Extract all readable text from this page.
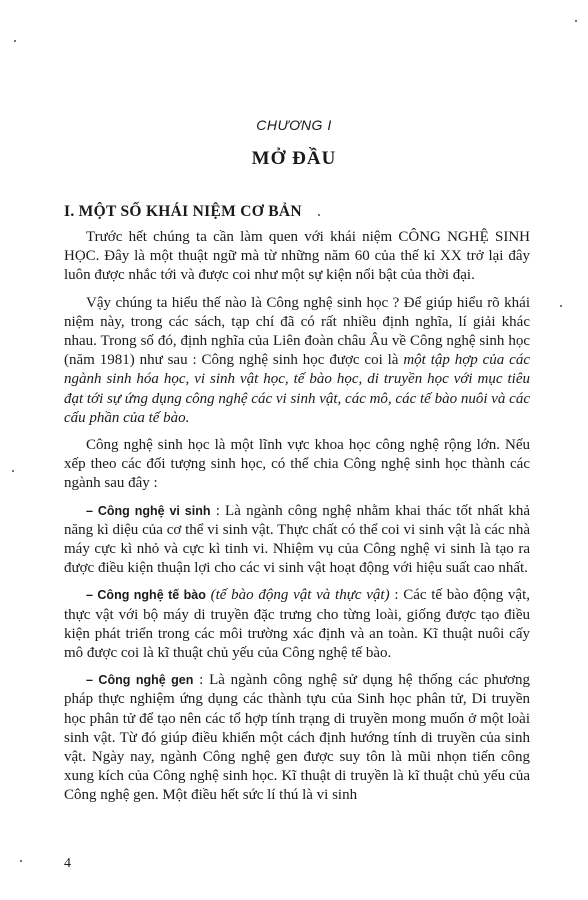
CHƯƠNG I
MỞ ĐẦU
I. MỘT SỐ KHÁI NIỆM CƠ BẢN

Trước hết chúng ta cần làm quen với khái niệm CÔNG NGHỆ SINH HỌC. Đây là một thuật ngữ mà từ những năm 60 của thế kỉ XX trở lại đây luôn được nhắc tới và được coi như một sự kiện nổi bật của thời đại.

Vậy chúng ta hiểu thế nào là Công nghệ sinh học ? Để giúp hiểu rõ khái niệm này, trong các sách, tạp chí đã có rất nhiều định nghĩa, lí giải khác nhau. Trong số đó, định nghĩa của Liên đoàn châu Âu về Công nghệ sinh học (năm 1981) như sau : Công nghệ sinh học được coi là một tập hợp của các ngành sinh hóa học, vi sinh vật học, tế bào học, di truyền học với mục tiêu đạt tới sự ứng dụng công nghệ các vi sinh vật, các mô, các tế bào nuôi và các cấu phần của tế bào.

Công nghệ sinh học là một lĩnh vực khoa học công nghệ rộng lớn. Nếu xếp theo các đối tượng sinh học, có thể chia Công nghệ sinh học thành các ngành sau đây :

– Công nghệ vi sinh : Là ngành công nghệ nhằm khai thác tốt nhất khả năng kì diệu của cơ thể vi sinh vật. Thực chất có thể coi vi sinh vật là các nhà máy cực kì nhỏ và cực kì tinh vi. Nhiệm vụ của Công nghệ vi sinh là tạo ra được điều kiện thuận lợi cho các vi sinh vật hoạt động với hiệu suất cao nhất.

– Công nghệ tế bào (tế bào động vật và thực vật) : Các tế bào động vật, thực vật với bộ máy di truyền đặc trưng cho từng loài, giống được tạo điều kiện phát triển trong các môi trường xác định và an toàn. Kĩ thuật nuôi cấy mô được coi là kĩ thuật chủ yếu của Công nghệ tế bào.

– Công nghệ gen : Là ngành công nghệ sử dụng hệ thống các phương pháp thực nghiệm ứng dụng các thành tựu của Sinh học phân tử, Di truyền học phân tử để tạo nên các tổ hợp tính trạng di truyền mong muốn ở một loài sinh vật. Từ đó giúp điều khiển một cách định hướng tính di truyền của sinh vật. Ngày nay, ngành Công nghệ gen được suy tôn là mũi nhọn tiến công xung kích của Công nghệ sinh học. Kĩ thuật di truyền là kĩ thuật chủ yếu của Công nghệ gen. Một điều hết sức lí thú là vi sinh

4
